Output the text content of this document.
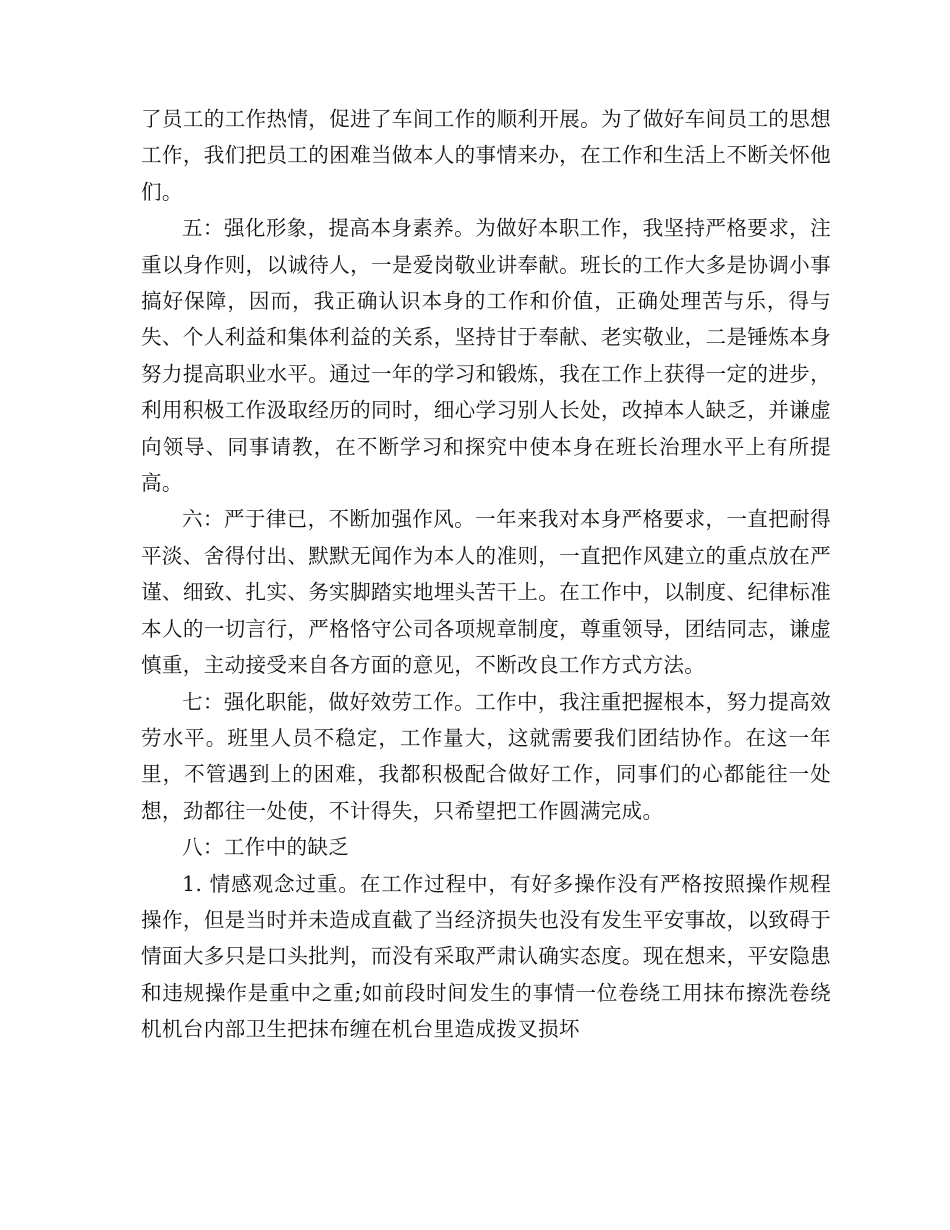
了员工的工作热情，促进了车间工作的顺利开展。为了做好车间员工的思想工作，我们把员工的困难当做本人的事情来办，在工作和生活上不断关怀他们。

五：强化形象，提高本身素养。为做好本职工作，我坚持严格要求，注重以身作则，以诚待人，一是爱岗敬业讲奉献。班长的工作大多是协调小事搞好保障，因而，我正确认识本身的工作和价值，正确处理苦与乐，得与失、个人利益和集体利益的关系，坚持甘于奉献、老实敬业，二是锤炼本身努力提高职业水平。通过一年的学习和锻炼，我在工作上获得一定的进步，利用积极工作汲取经历的同时，细心学习别人长处，改掉本人缺乏，并谦虚向领导、同事请教，在不断学习和探究中使本身在班长治理水平上有所提高。

六：严于律已，不断加强作风。一年来我对本身严格要求，一直把耐得平淡、舍得付出、默默无闻作为本人的准则，一直把作风建立的重点放在严谨、细致、扎实、务实脚踏实地埋头苦干上。在工作中，以制度、纪律标准本人的一切言行，严格恪守公司各项规章制度，尊重领导，团结同志，谦虚慎重，主动接受来自各方面的意见，不断改良工作方式方法。

七：强化职能，做好效劳工作。工作中，我注重把握根本，努力提高效劳水平。班里人员不稳定，工作量大，这就需要我们团结协作。在这一年里，不管遇到上的困难，我都积极配合做好工作，同事们的心都能往一处想，劲都往一处使，不计得失，只希望把工作圆满完成。

八：工作中的缺乏

1. 情感观念过重。在工作过程中，有好多操作没有严格按照操作规程操作，但是当时并未造成直截了当经济损失也没有发生平安事故，以致碍于情面大多只是口头批判，而没有采取严肃认确实态度。现在想来，平安隐患和违规操作是重中之重;如前段时间发生的事情一位卷绕工用抹布擦洗卷绕机机台内部卫生把抹布缠在机台里造成拨叉损坏
